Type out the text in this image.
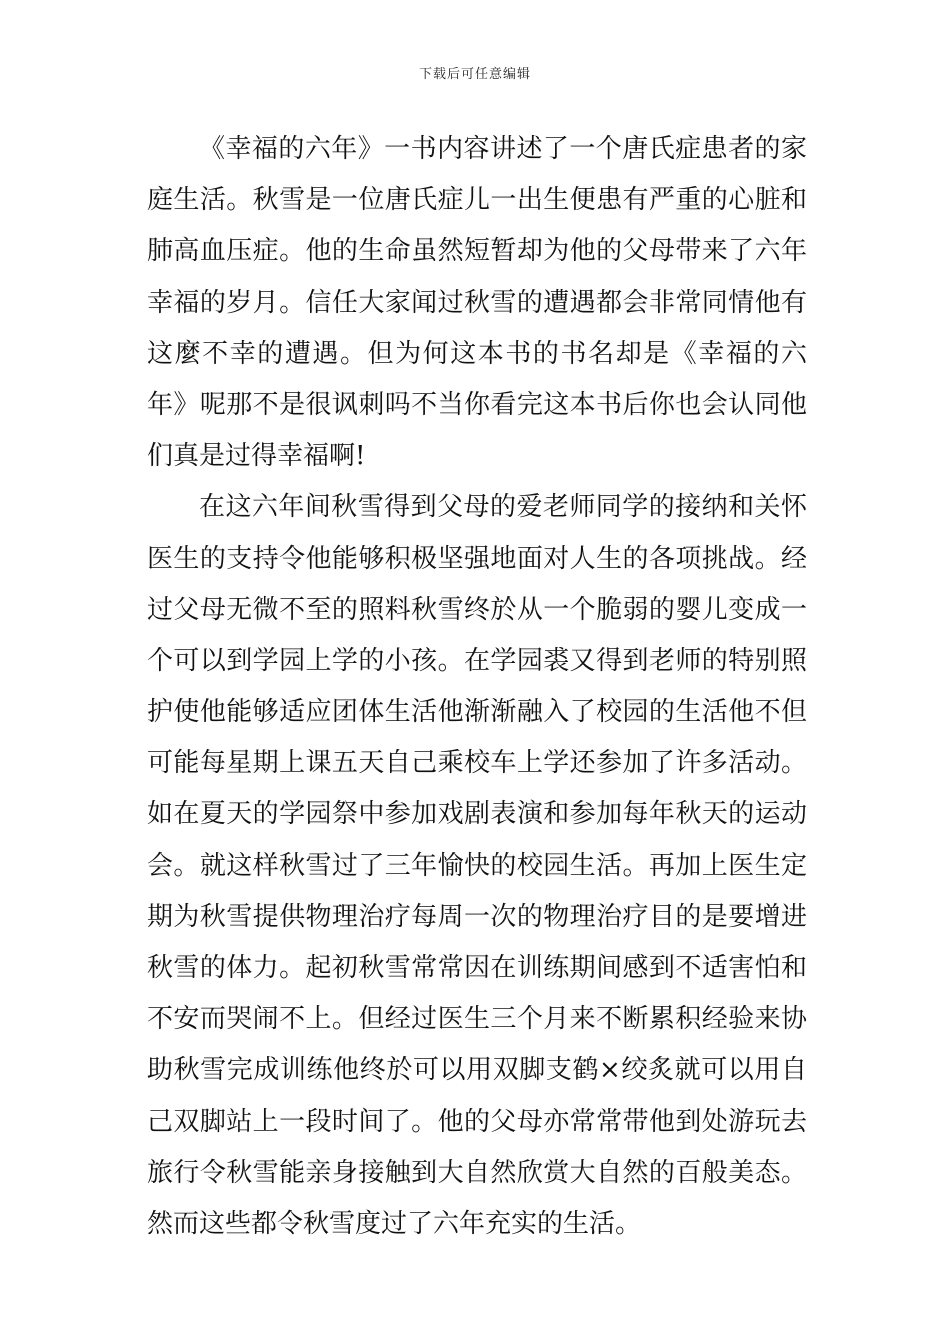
下载后可任意编辑
《幸福的六年》一书内容讲述了一个唐氏症患者的家
庭生活。秋雪是一位唐氏症儿一出生便患有严重的心脏和
肺高血压症。他的生命虽然短暂却为他的父母带来了六年
幸福的岁月。信任大家闻过秋雪的遭遇都会非常同情他有
这麼不幸的遭遇。但为何这本书的书名却是《幸福的六
年》呢那不是很讽刺吗不当你看完这本书后你也会认同他
们真是过得幸福啊!
在这六年间秋雪得到父母的爱老师同学的接纳和关怀
医生的支持令他能够积极坚强地面对人生的各项挑战。经
过父母无微不至的照料秋雪终於从一个脆弱的婴儿变成一
个可以到学园上学的小孩。在学园裘又得到老师的特别照
护使他能够适应团体生活他渐渐融入了校园的生活他不但
可能每星期上课五天自己乘校车上学还参加了许多活动。
如在夏天的学园祭中参加戏剧表演和参加每年秋天的运动
会。就这样秋雪过了三年愉快的校园生活。再加上医生定
期为秋雪提供物理治疗每周一次的物理治疗目的是要增进
秋雪的体力。起初秋雪常常因在训练期间感到不适害怕和
不安而哭闹不上。但经过医生三个月来不断累积经验来协
助秋雪完成训练他终於可以用双脚支鹤×绞炙就可以用自
己双脚站上一段时间了。他的父母亦常常带他到处游玩去
旅行令秋雪能亲身接触到大自然欣赏大自然的百般美态。
然而这些都令秋雪度过了六年充实的生活。
